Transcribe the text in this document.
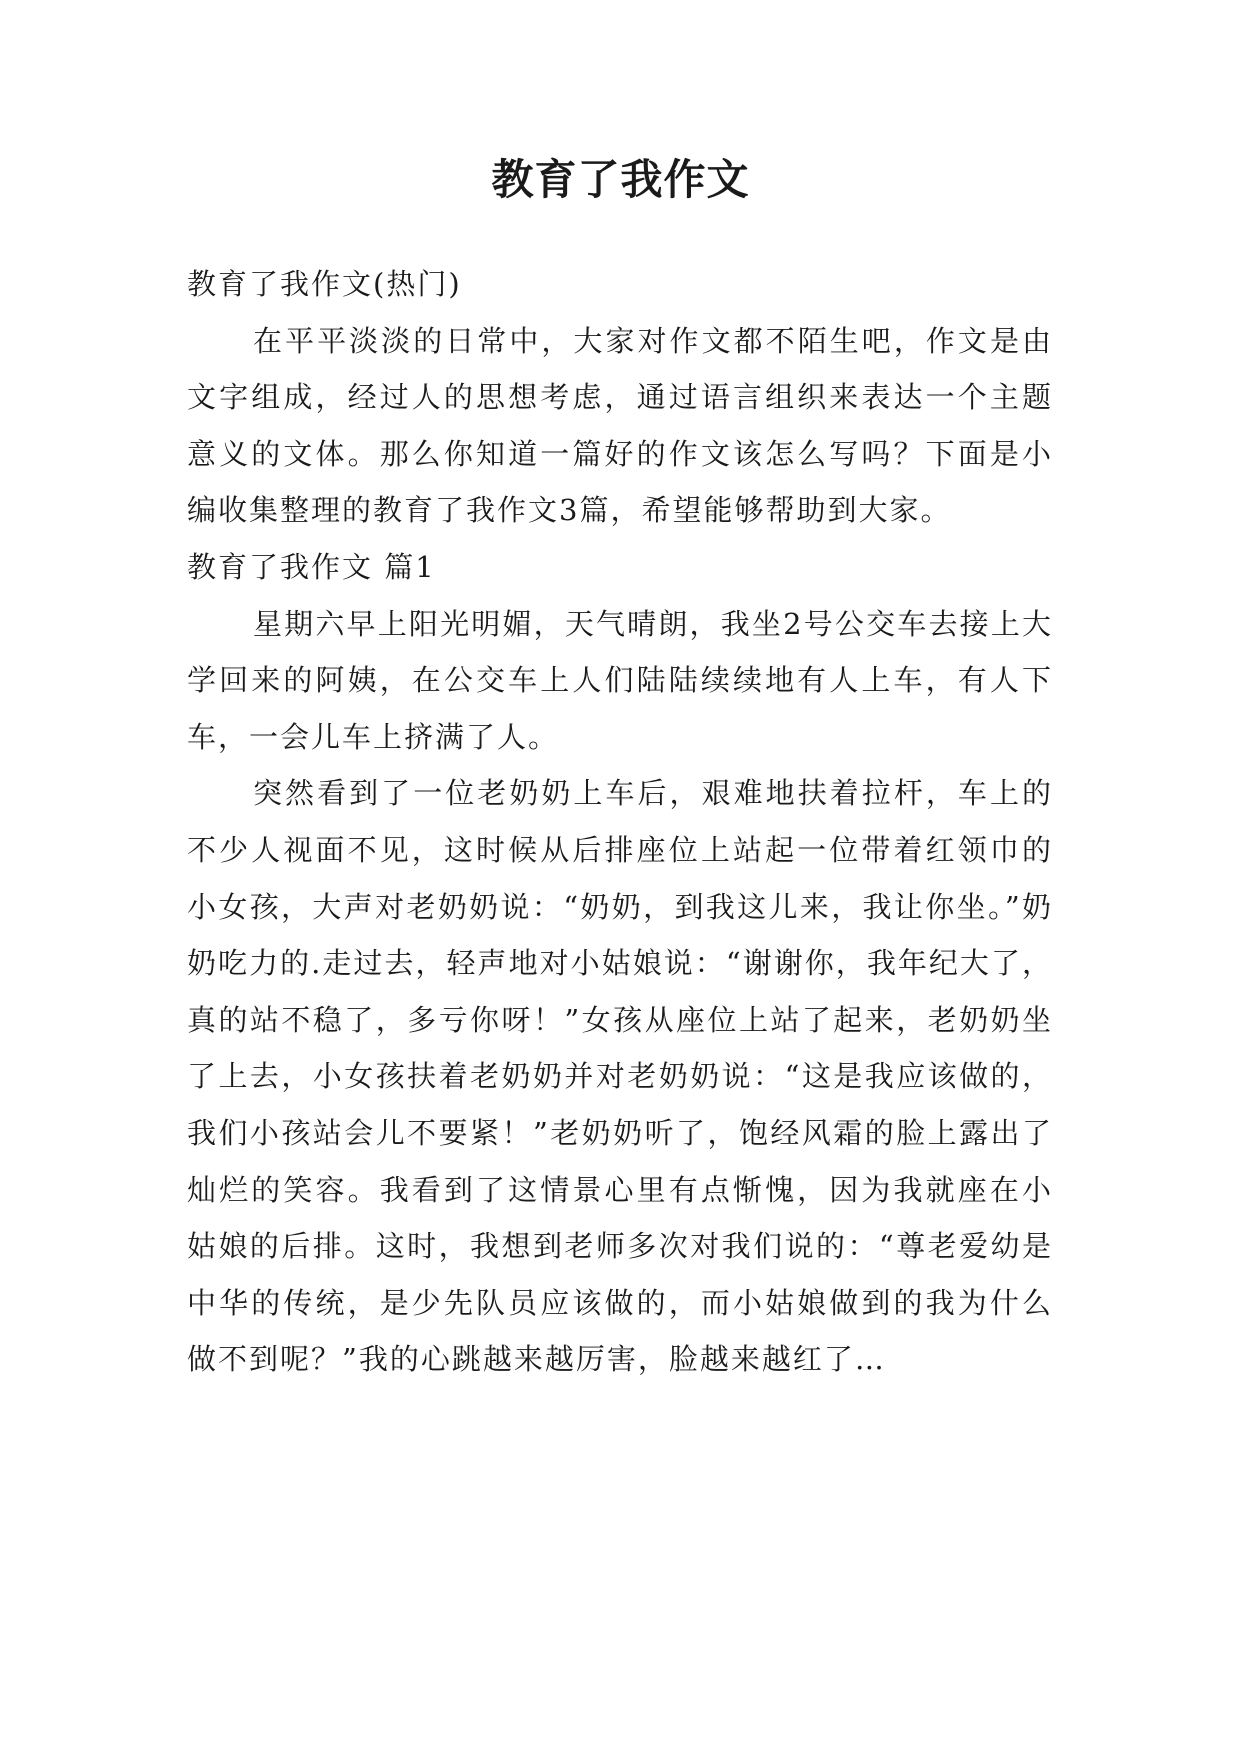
教育了我作文

教育了我作文(热门)

在平平淡淡的日常中，大家对作文都不陌生吧，作文是由文字组成，经过人的思想考虑，通过语言组织来表达一个主题意义的文体。那么你知道一篇好的作文该怎么写吗？下面是小编收集整理的教育了我作文3篇，希望能够帮助到大家。

教育了我作文 篇1

星期六早上阳光明媚，天气晴朗，我坐2号公交车去接上大学回来的阿姨，在公交车上人们陆陆续续地有人上车，有人下车，一会儿车上挤满了人。

突然看到了一位老奶奶上车后，艰难地扶着拉杆，车上的不少人视面不见，这时候从后排座位上站起一位带着红领巾的小女孩，大声对老奶奶说：“奶奶，到我这儿来，我让你坐。”奶奶吃力的.走过去，轻声地对小姑娘说：“谢谢你，我年纪大了，真的站不稳了，多亏你呀！”女孩从座位上站了起来，老奶奶坐了上去，小女孩扶着老奶奶并对老奶奶说：“这是我应该做的，我们小孩站会儿不要紧！”老奶奶听了，饱经风霜的脸上露出了灿烂的笑容。我看到了这情景心里有点惭愧，因为我就座在小姑娘的后排。这时，我想到老师多次对我们说的：“尊老爱幼是中华的传统，是少先队员应该做的，而小姑娘做到的我为什么做不到呢？”我的心跳越来越厉害，脸越来越红了…
